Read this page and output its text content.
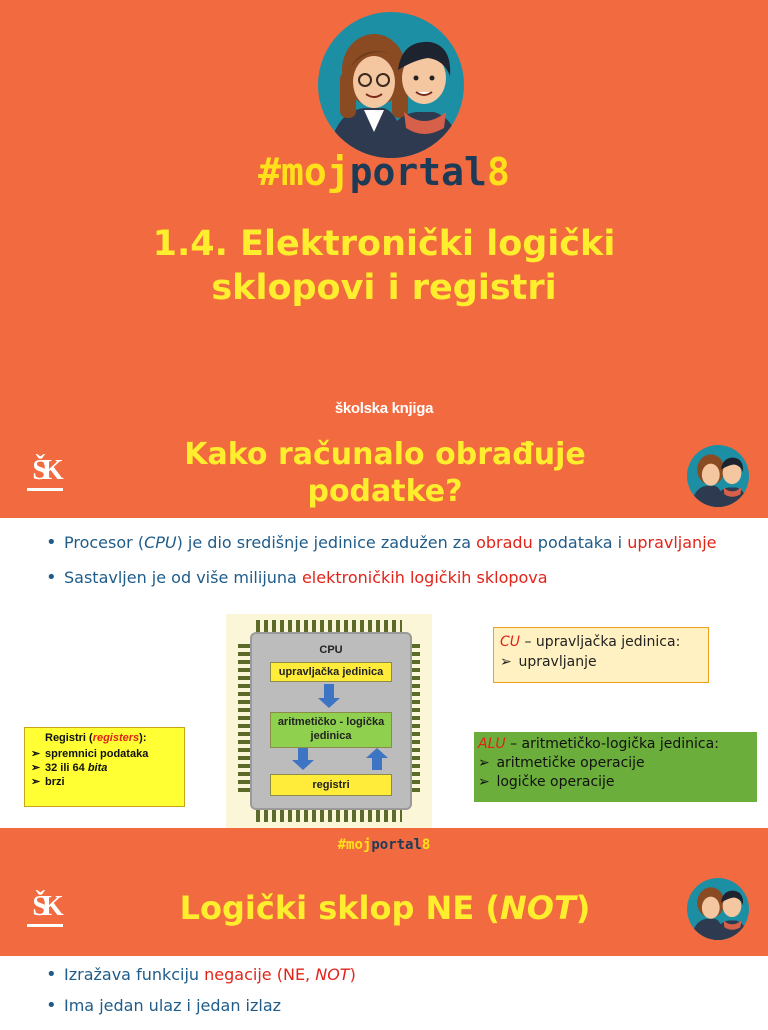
#mojportal8
1.4. Elektronički logički sklopovi i registri
školska knjiga
ŠK	Kako računalo obrađuje podatke?
• Procesor (CPU) je dio središnje jedinice zadužen za obradu podataka i upravljanje
• Sastavljen je od više milijuna elektroničkih logičkih sklopova
CPU
upravljačka jedinica
aritmetičko - logička jedinica
registri
CU – upravljačka jedinica:
➢ upravljanje
ALU – aritmetičko-logička jedinica:
➢ aritmetičke operacije
➢ logičke operacije
Registri (registers):
➢ spremnici podataka
➢ 32 ili 64 bita
➢ brzi
#mojportal8
ŠK	Logički sklop NE (NOT)
• Izražava funkciju negacije (NE, NOT)
• Ima jedan ulaz i jedan izlaz
